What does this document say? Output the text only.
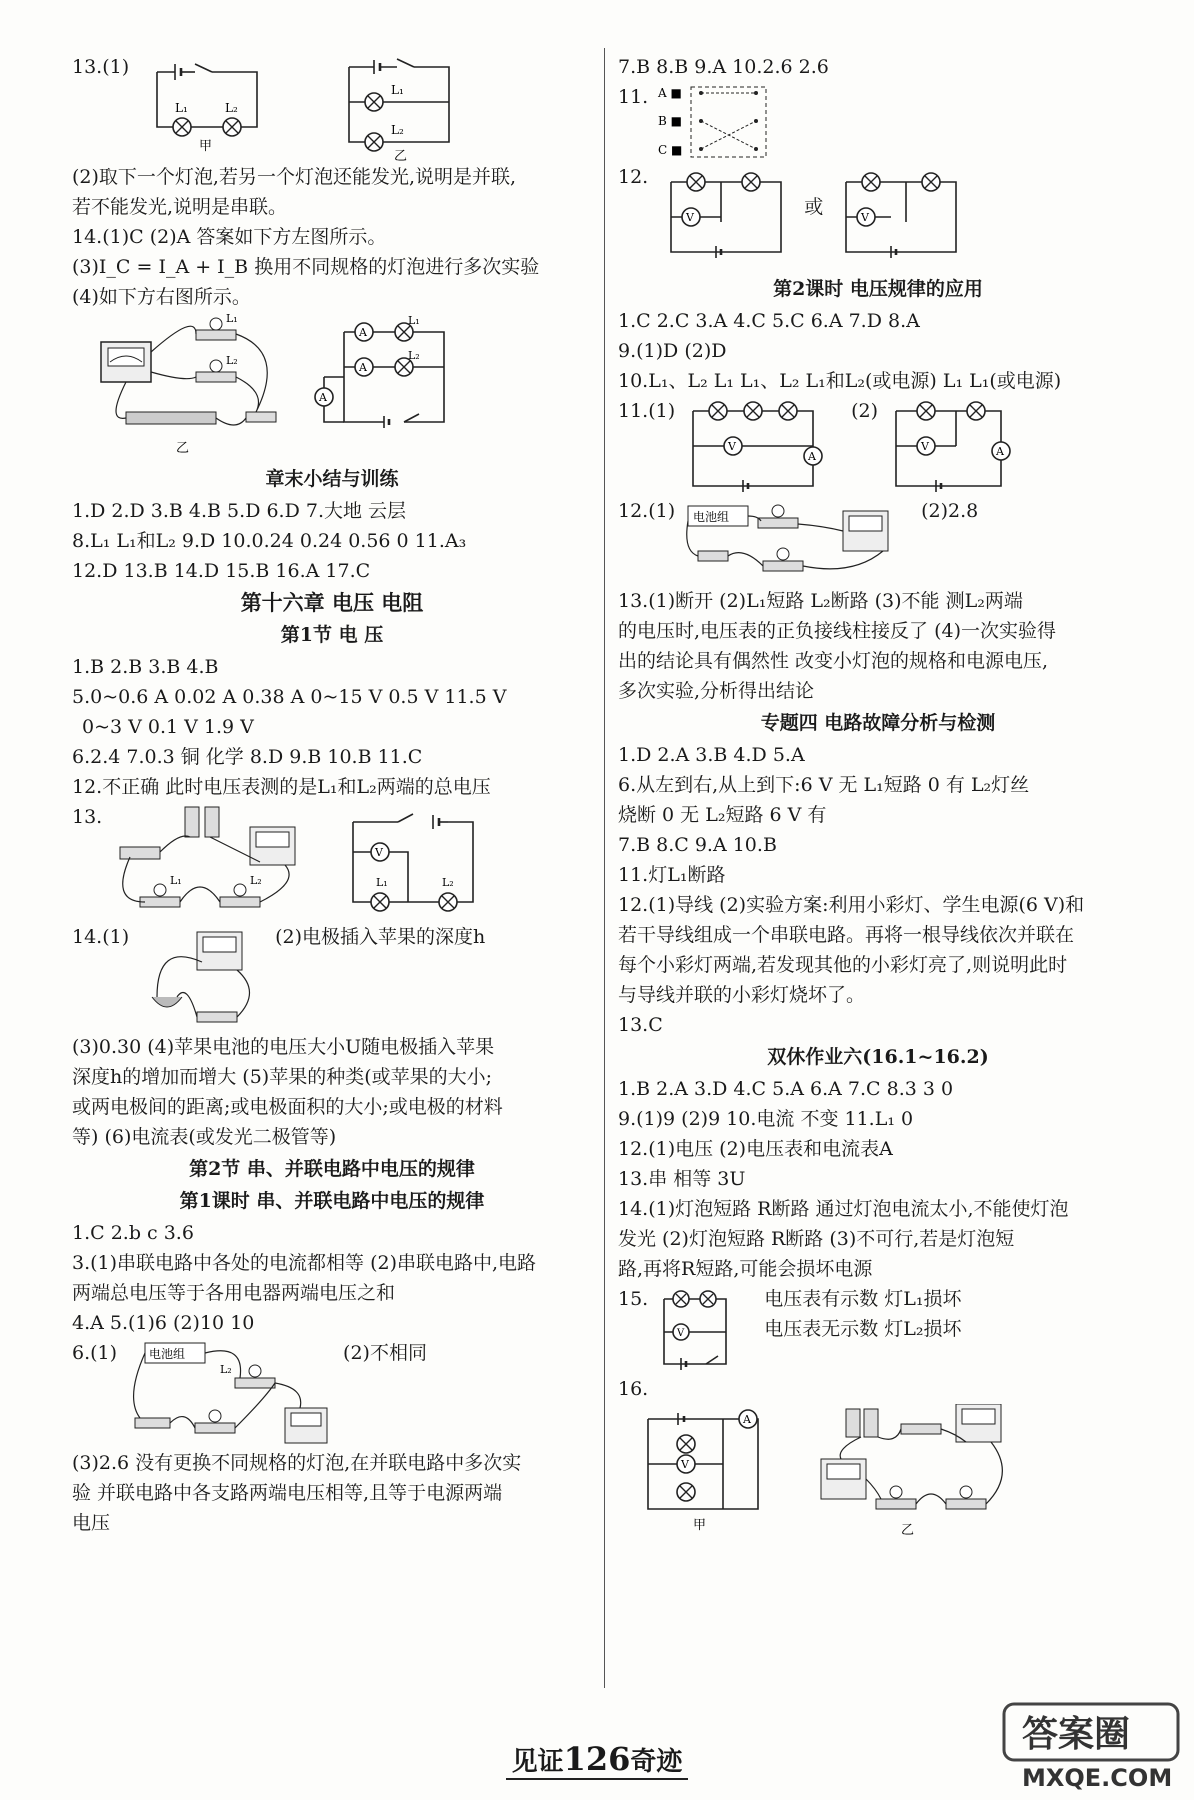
13.(1)
L₁	L₂
甲
L₁
L₂
乙

(2)取下一个灯泡,若另一个灯泡还能发光,说明是并联,

若不能发光,说明是串联。

14.(1)C (2)A 答案如下方左图所示。

(3)I_C = I_A + I_B 换用不同规格的灯泡进行多次实验

(4)如下方右图所示。

L₁
L₂
乙
A
A
A
L₁
L₂

章末小结与训练

1.D 2.D 3.B 4.B 5.D 6.D 7.大地 云层

8.L₁ L₁和L₂ 9.D 10.0.24 0.24 0.56 0 11.A₃

12.D 13.B 14.D 15.B 16.A 17.C

第十六章 电压 电阻

第1节 电 压

1.B 2.B 3.B 4.B

5.0~0.6 A 0.02 A 0.38 A 0~15 V 0.5 V 11.5 V

0~3 V 0.1 V 1.9 V

6.2.4 7.0.3 铜 化学 8.D 9.B 10.B 11.C

12.不正确 此时电压表测的是L₁和L₂两端的总电压

13.
L₁	L₂
V
L₁	L₂
14.(1)	(2)电极插入苹果的深度h

(3)0.30 (4)苹果电池的电压大小U随电极插入苹果

深度h的增加而增大 (5)苹果的种类(或苹果的大小;

或两电极间的距离;或电极面积的大小;或电极的材料

等) (6)电流表(或发光二极管等)

第2节 串、并联电路中电压的规律

第1课时 串、并联电路中电压的规律

1.C 2.b c 3.6

3.(1)串联电路中各处的电流都相等 (2)串联电路中,电路

两端总电压等于各用电器两端电压之和

4.A 5.(1)6 (2)10 10

6.(1)	电池组
L₂
(2)不相同

(3)2.6 没有更换不同规格的灯泡,在并联电路中多次实

验 并联电路中各支路两端电压相等,且等于电源两端

电压

7.B 8.B 9.A 10.2.6 2.6

11. A ■
B ■
C ■
12.
V	或	V

第2课时 电压规律的应用

1.C 2.C 3.A 4.C 5.C 6.A 7.D 8.A

9.(1)D (2)D

10.L₁、L₂ L₁ L₁、L₂ L₁和L₂(或电源) L₁ L₁(或电源)

11.(1)
V
A
(2)
V	A
12.(1) 电池组	(2)2.8

13.(1)断开 (2)L₁短路 L₂断路 (3)不能 测L₂两端

的电压时,电压表的正负接线柱接反了 (4)一次实验得

出的结论具有偶然性 改变小灯泡的规格和电源电压,

多次实验,分析得出结论

专题四 电路故障分析与检测

1.D 2.A 3.B 4.D 5.A

6.从左到右,从上到下:6 V 无 L₁短路 0 有 L₂灯丝

烧断 0 无 L₂短路 6 V 有

7.B 8.C 9.A 10.B

11.灯L₁断路

12.(1)导线 (2)实验方案:利用小彩灯、学生电源(6 V)和

若干导线组成一个串联电路。再将一根导线依次并联在

每个小彩灯两端,若发现其他的小彩灯亮了,则说明此时

与导线并联的小彩灯烧坏了。

13.C

双休作业六(16.1~16.2)

1.B 2.A 3.D 4.C 5.A 6.A 7.C 8.3 3 0

9.(1)9 (2)9 10.电流 不变 11.L₁ 0

12.(1)电压 (2)电压表和电流表A

13.串 相等 3U

14.(1)灯泡短路 R断路 通过灯泡电流太小,不能使灯泡

发光 (2)灯泡短路 R断路 (3)不可行,若是灯泡短

路,再将R短路,可能会损坏电源

15.
V

电压表有示数 灯L₁损坏

电压表无示数 灯L₂损坏

16.
A
V
甲	乙
见证126奇迹
答案圈
MXQE.COM
